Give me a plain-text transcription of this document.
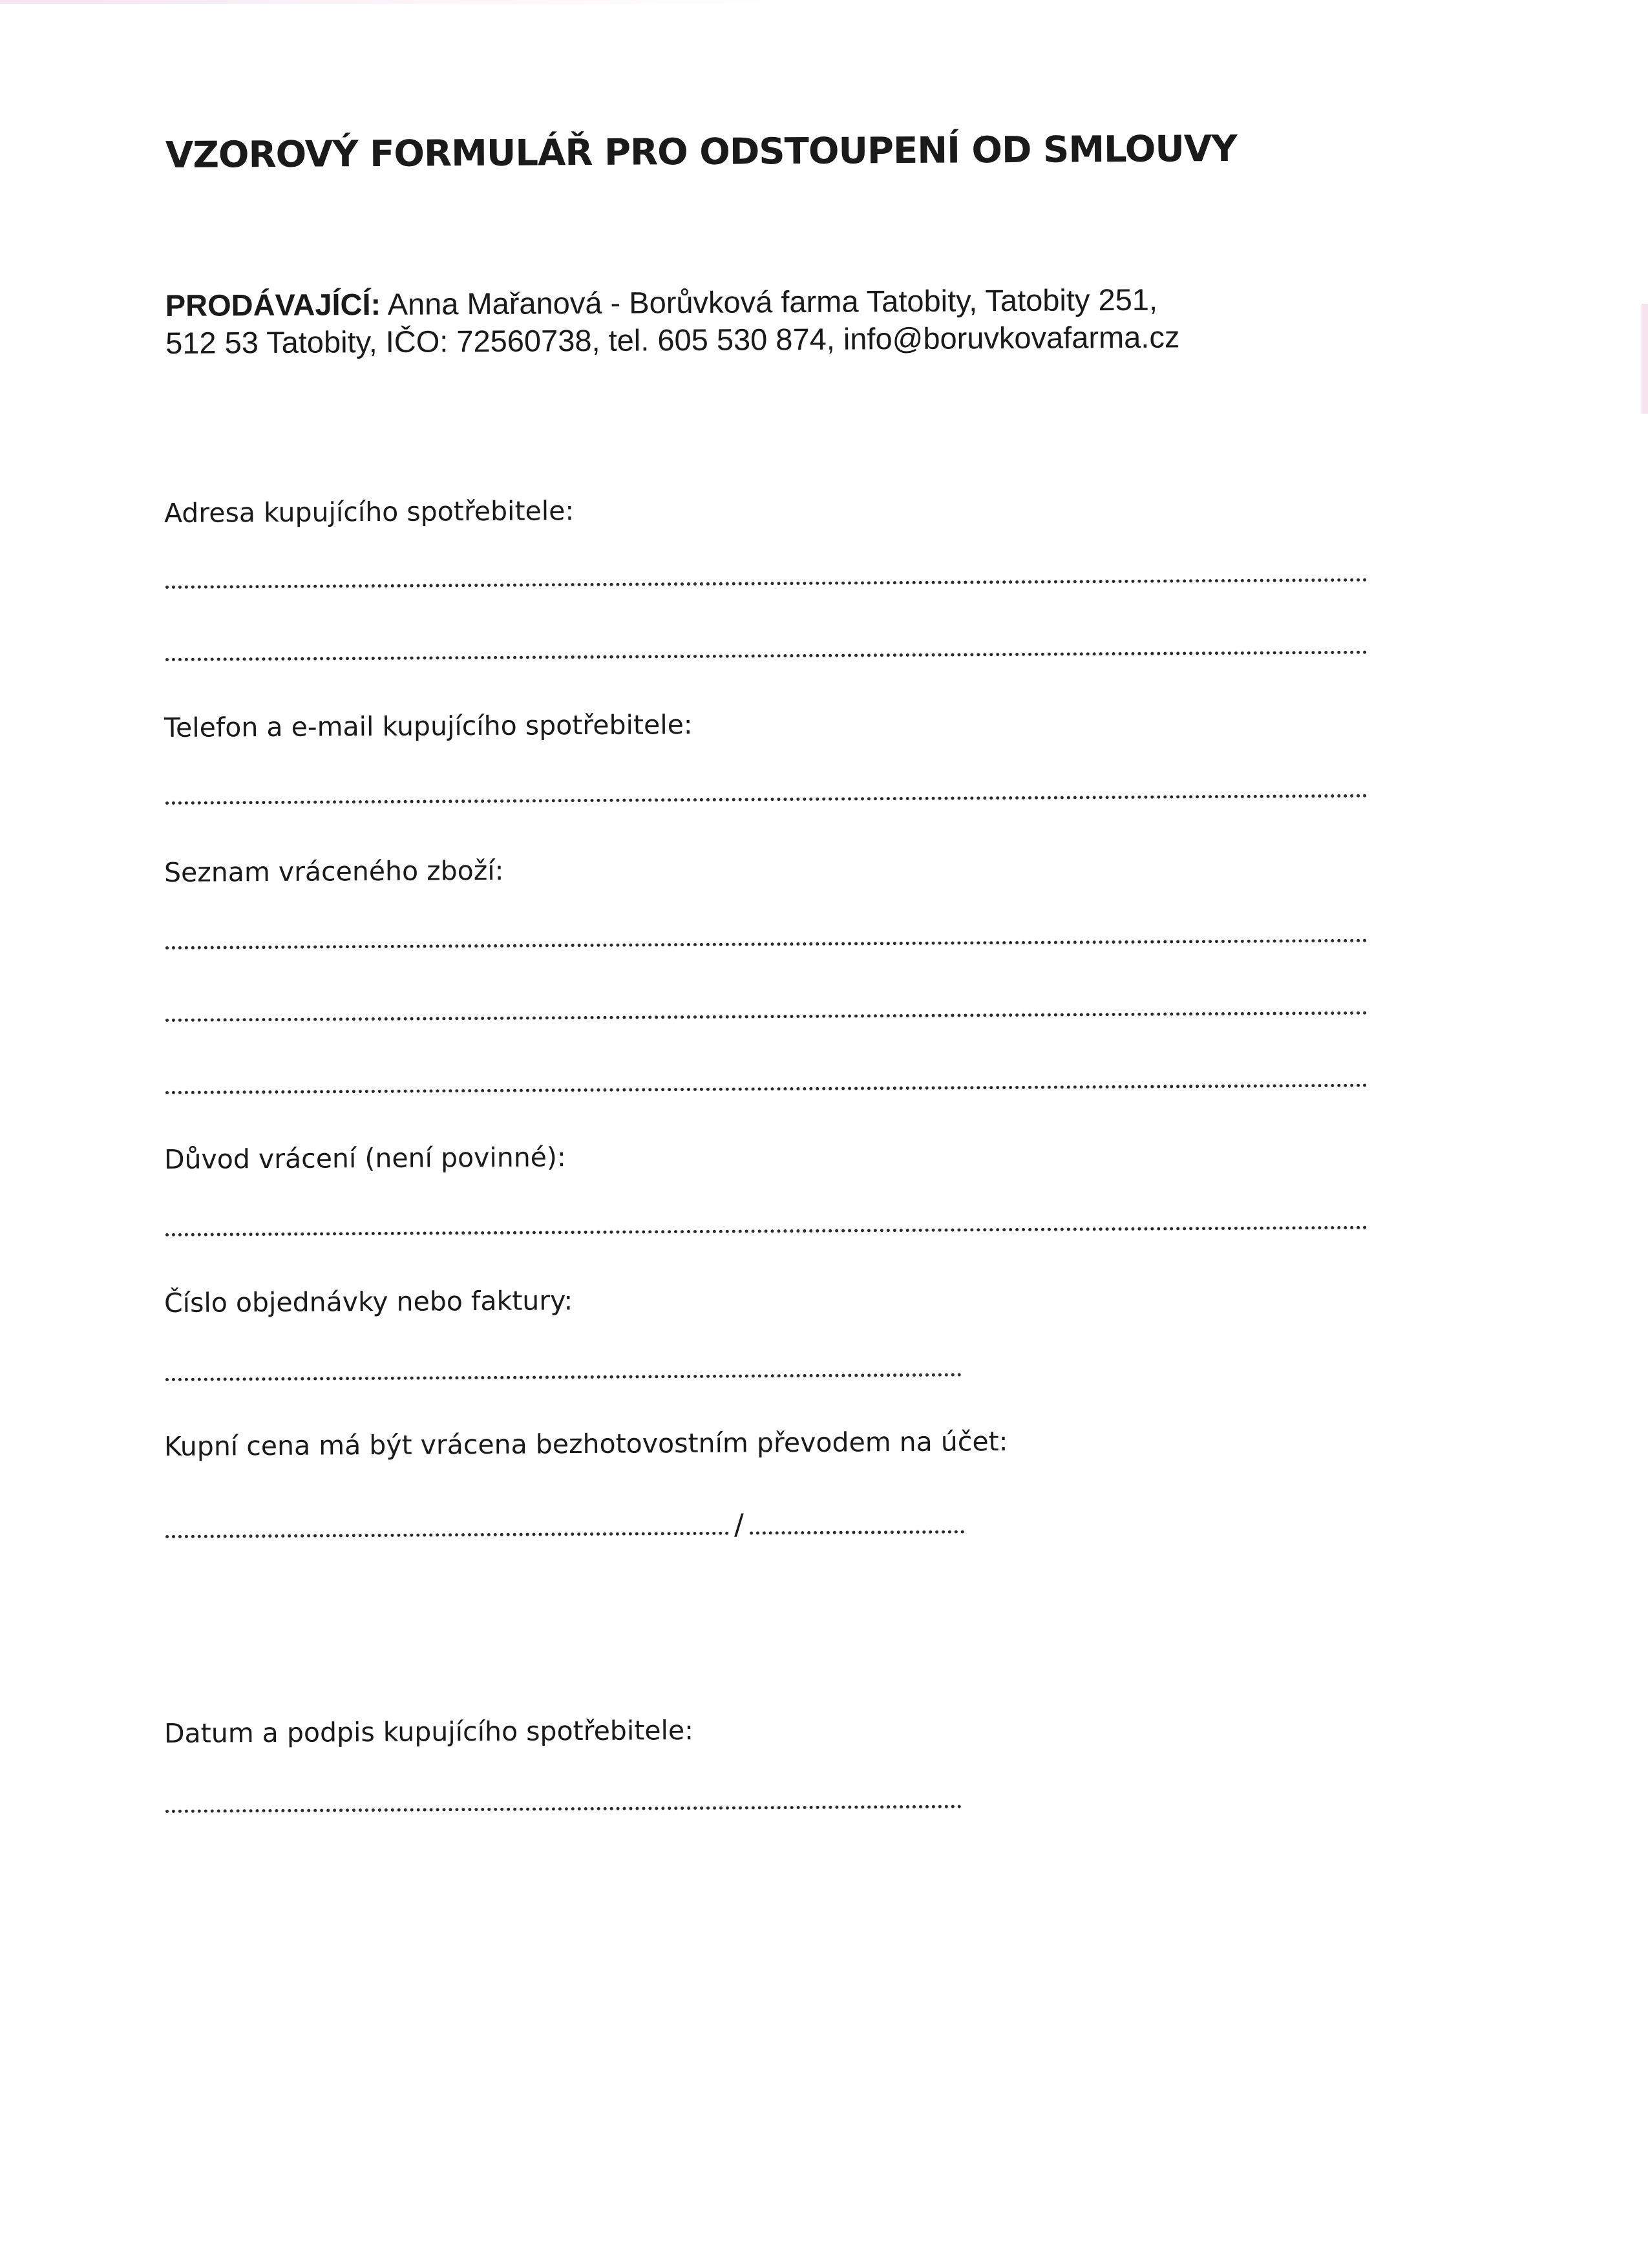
VZOROVÝ FORMULÁŘ PRO ODSTOUPENÍ OD SMLOUVY
PRODÁVAJÍCÍ: Anna Mařanová - Borůvková farma Tatobity, Tatobity 251,
512 53 Tatobity, IČO: 72560738, tel. 605 530 874, info@boruvkovafarma.cz
Adresa kupujícího spotřebitele:
Telefon a e-mail kupujícího spotřebitele:
Seznam vráceného zboží:
Důvod vrácení (není povinné):
Číslo objednávky nebo faktury:
Kupní cena má být vrácena bezhotovostním převodem na účet:
/
Datum a podpis kupujícího spotřebitele:
